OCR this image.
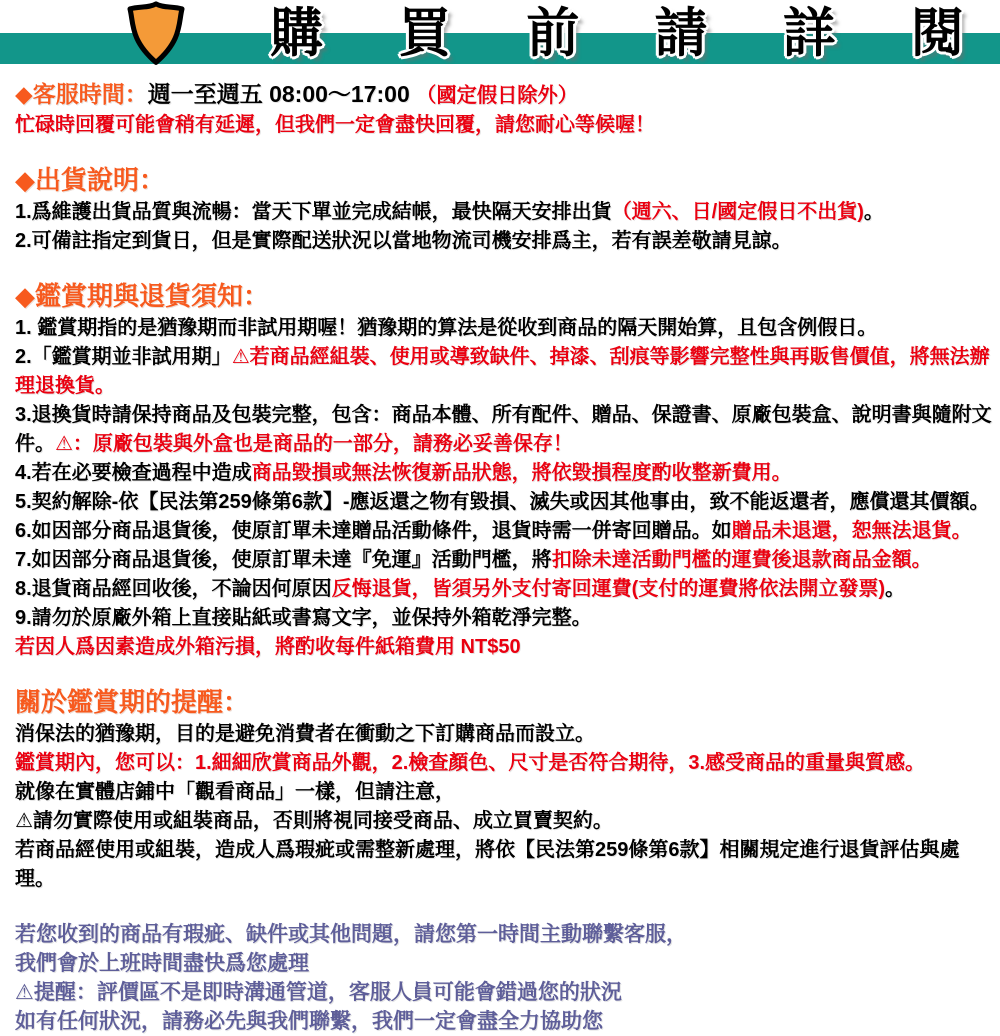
購 買 前 請 詳 閱

◆客服時間：週一至週五 08:00～17:00 （國定假日除外）

忙碌時回覆可能會稍有延遲，但我們一定會盡快回覆，請您耐心等候喔！

◆出貨說明：

1.爲維護出貨品質與流暢：當天下單並完成結帳，最快隔天安排出貨（週六、日/國定假日不出貨)。

2.可備註指定到貨日，但是實際配送狀況以當地物流司機安排爲主，若有誤差敬請見諒。

◆鑑賞期與退貨須知：

1. 鑑賞期指的是猶豫期而非試用期喔！猶豫期的算法是從收到商品的隔天開始算，且包含例假日。

2.「鑑賞期並非試用期」⚠若商品經組裝、使用或導致缺件、掉漆、刮痕等影響完整性與再販售價值，將無法辦理退換貨。

3.退換貨時請保持商品及包裝完整，包含：商品本體、所有配件、贈品、保證書、原廠包裝盒、說明書與隨附文件。⚠：原廠包裝與外盒也是商品的一部分，請務必妥善保存！

4.若在必要檢查過程中造成商品毀損或無法恢復新品狀態，將依毀損程度酌收整新費用。

5.契約解除-依【民法第259條第6款】-應返還之物有毀損、滅失或因其他事由，致不能返還者，應償還其價額。

6.如因部分商品退貨後，使原訂單未達贈品活動條件，退貨時需一併寄回贈品。如贈品未退還，恕無法退貨。

7.如因部分商品退貨後，使原訂單未達『免運』活動門檻，將扣除未達活動門檻的運費後退款商品金額。

8.退貨商品經回收後，不論因何原因反悔退貨，皆須另外支付寄回運費(支付的運費將依法開立發票)。

9.請勿於原廠外箱上直接貼紙或書寫文字，並保持外箱乾淨完整。

若因人爲因素造成外箱污損，將酌收每件紙箱費用 NT$50

關於鑑賞期的提醒：

消保法的猶豫期，目的是避免消費者在衝動之下訂購商品而設立。

鑑賞期內，您可以：1.細細欣賞商品外觀，2.檢查顏色、尺寸是否符合期待，3.感受商品的重量與質感。

就像在實體店鋪中「觀看商品」一樣，但請注意，

⚠請勿實際使用或組裝商品，否則將視同接受商品、成立買賣契約。

若商品經使用或組裝，造成人爲瑕疵或需整新處理，將依【民法第259條第6款】相關規定進行退貨評估與處理。

若您收到的商品有瑕疵、缺件或其他問題，請您第一時間主動聯繫客服，

我們會於上班時間盡快爲您處理

⚠提醒：評價區不是即時溝通管道，客服人員可能會錯過您的狀況

如有任何狀況，請務必先與我們聯繫，我們一定會盡全力協助您
